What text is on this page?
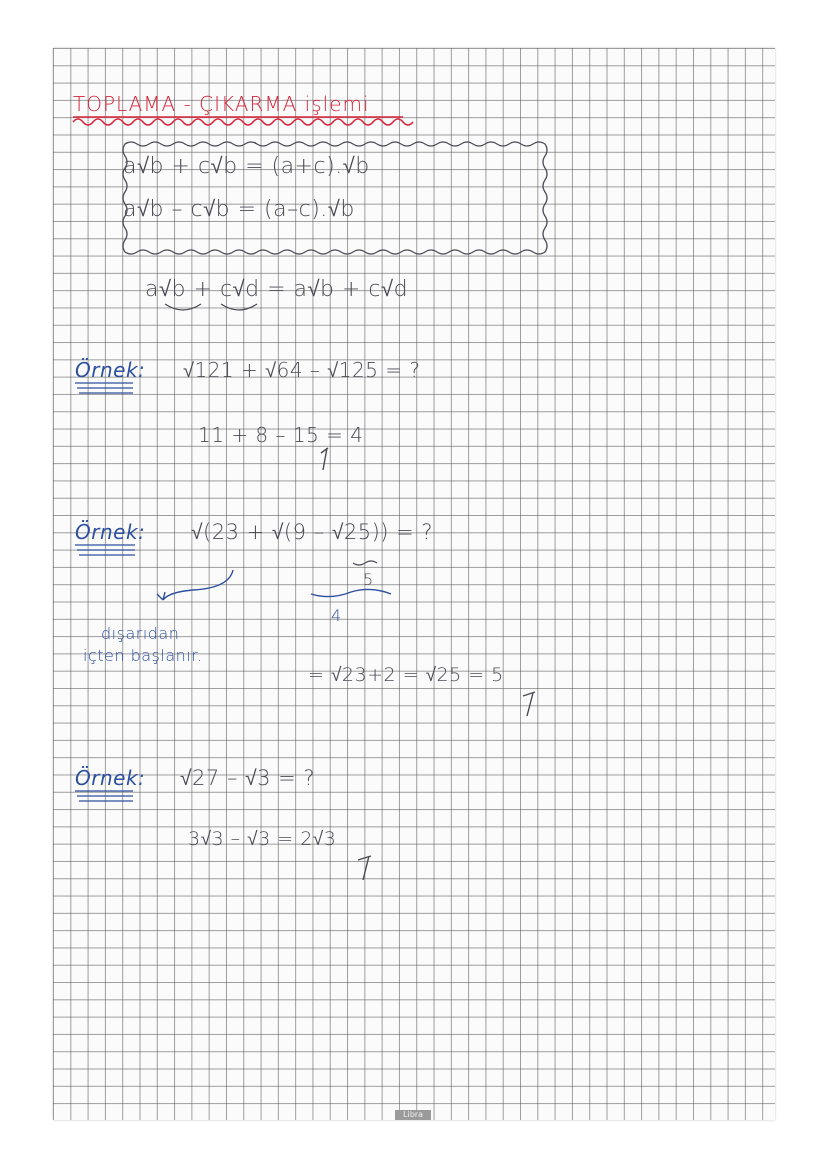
TOPLAMA - ÇIKARMA işlemi
a√b + c√b = (a+c).√b
a√b – c√b = (a–c).√b
a√b + c√d = a√b + c√d
Örnek: √121 + √64 – √125 = ?
11 + 8 – 15 = 4
Örnek: √(23 + √(9 – √25)) = ?
5
4
dışarıdan
içten başlanır.
= √23+2 = √25 = 5
Örnek: √27 – √3 = ?
3√3 – √3 = 2√3
Libra
